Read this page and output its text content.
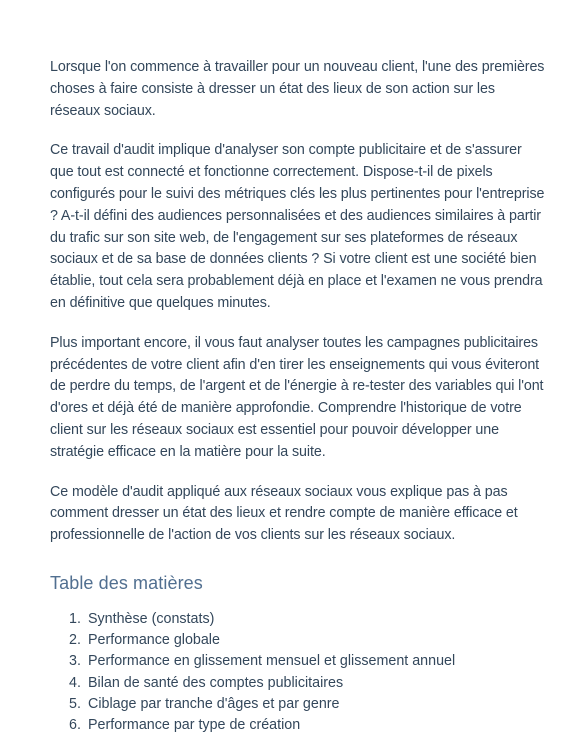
Lorsque l'on commence à travailler pour un nouveau client, l'une des premières choses à faire consiste à dresser un état des lieux de son action sur les réseaux sociaux.

Ce travail d'audit implique d'analyser son compte publicitaire et de s'assurer que tout est connecté et fonctionne correctement. Dispose-t-il de pixels configurés pour le suivi des métriques clés les plus pertinentes pour l'entreprise ? A-t-il défini des audiences personnalisées et des audiences similaires à partir du trafic sur son site web, de l'engagement sur ses plateformes de réseaux sociaux et de sa base de données clients ? Si votre client est une société bien établie, tout cela sera probablement déjà en place et l'examen ne vous prendra en définitive que quelques minutes.

Plus important encore, il vous faut analyser toutes les campagnes publicitaires précédentes de votre client afin d'en tirer les enseignements qui vous éviteront de perdre du temps, de l'argent et de l'énergie à re-tester des variables qui l'ont d'ores et déjà été de manière approfondie. Comprendre l'historique de votre client sur les réseaux sociaux est essentiel pour pouvoir développer une stratégie efficace en la matière pour la suite.

Ce modèle d'audit appliqué aux réseaux sociaux vous explique pas à pas comment dresser un état des lieux et rendre compte de manière efficace et professionnelle de l'action de vos clients sur les réseaux sociaux.

Table des matières
1. Synthèse (constats)
2. Performance globale
3. Performance en glissement mensuel et glissement annuel
4. Bilan de santé des comptes publicitaires
5. Ciblage par tranche d'âges et par genre
6. Performance par type de création
